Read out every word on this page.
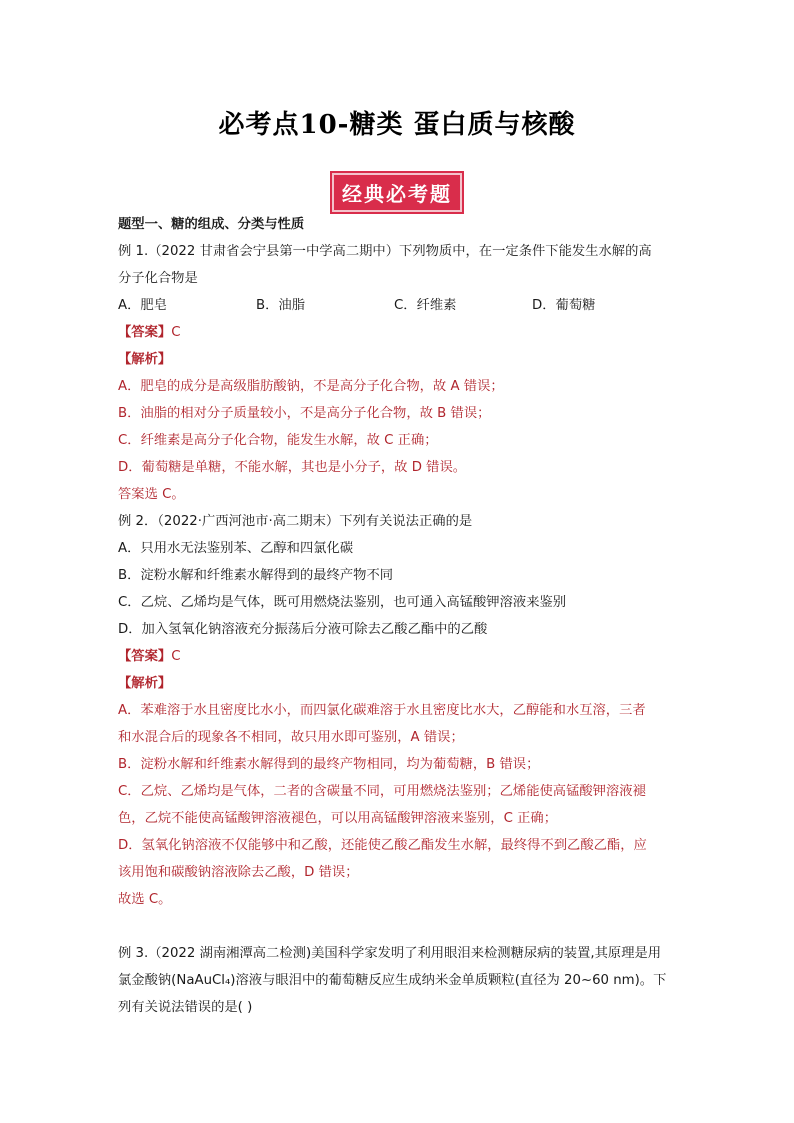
必考点10-糖类 蛋白质与核酸
经典必考题
题型一、糖的组成、分类与性质
例 1.（2022 甘肃省会宁县第一中学高二期中）下列物质中，在一定条件下能发生水解的高
分子化合物是
A．肥皂	B．油脂	C．纤维素	D．葡萄糖
【答案】C
【解析】
A．肥皂的成分是高级脂肪酸钠，不是高分子化合物，故 A 错误；
B．油脂的相对分子质量较小，不是高分子化合物，故 B 错误；
C．纤维素是高分子化合物，能发生水解，故 C 正确；
D．葡萄糖是单糖，不能水解，其也是小分子，故 D 错误。
答案选 C。
例 2．（2022·广西河池市·高二期末）下列有关说法正确的是
A．只用水无法鉴别苯、乙醇和四氯化碳
B．淀粉水解和纤维素水解得到的最终产物不同
C．乙烷、乙烯均是气体，既可用燃烧法鉴别，也可通入高锰酸钾溶液来鉴别
D．加入氢氧化钠溶液充分振荡后分液可除去乙酸乙酯中的乙酸
【答案】C
【解析】
A．苯难溶于水且密度比水小，而四氯化碳难溶于水且密度比水大，乙醇能和水互溶，三者
和水混合后的现象各不相同，故只用水即可鉴别，A 错误；
B．淀粉水解和纤维素水解得到的最终产物相同，均为葡萄糖，B 错误；
C．乙烷、乙烯均是气体，二者的含碳量不同，可用燃烧法鉴别；乙烯能使高锰酸钾溶液褪
色，乙烷不能使高锰酸钾溶液褪色，可以用高锰酸钾溶液来鉴别，C 正确；
D．氢氧化钠溶液不仅能够中和乙酸，还能使乙酸乙酯发生水解，最终得不到乙酸乙酯，应
该用饱和碳酸钠溶液除去乙酸，D 错误；
故选 C。
例 3.（2022 湖南湘潭高二检测)美国科学家发明了利用眼泪来检测糖尿病的装置,其原理是用
氯金酸钠(NaAuCl₄)溶液与眼泪中的葡萄糖反应生成纳米金单质颗粒(直径为 20~60 nm)。下
列有关说法错误的是( )
